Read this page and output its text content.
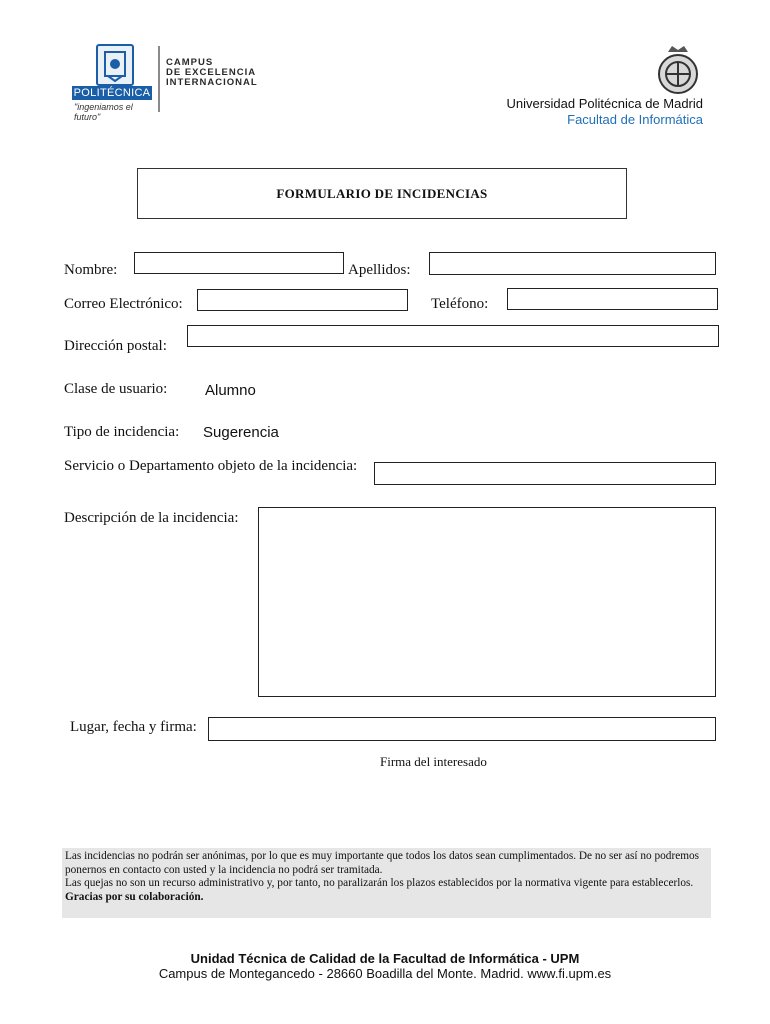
POLITÉCNICA
"ingeniamos el futuro"
CAMPUS
DE EXCELENCIA
INTERNACIONAL
Universidad Politécnica de Madrid
Facultad de Informática
FORMULARIO DE INCIDENCIAS
Nombre:	Apellidos:
Correo Electrónico:	Teléfono:
Dirección postal:
Clase de usuario:	Alumno
Tipo de incidencia: Sugerencia
Servicio o Departamento objeto de la incidencia:
Descripción de la incidencia:
Lugar, fecha y firma:
Firma del interesado

Las incidencias no podrán ser anónimas, por lo que es muy importante que todos los datos sean cumplimentados. De no ser así no podremos ponernos en contacto con usted y la incidencia no podrá ser tramitada.

Las quejas no son un recurso administrativo y, por tanto, no paralizarán los plazos establecidos por la normativa vigente para establecerlos.

Gracias por su colaboración.

Unidad Técnica de Calidad de la Facultad de Informática - UPM
Campus de Montegancedo - 28660 Boadilla del Monte. Madrid. www.fi.upm.es
